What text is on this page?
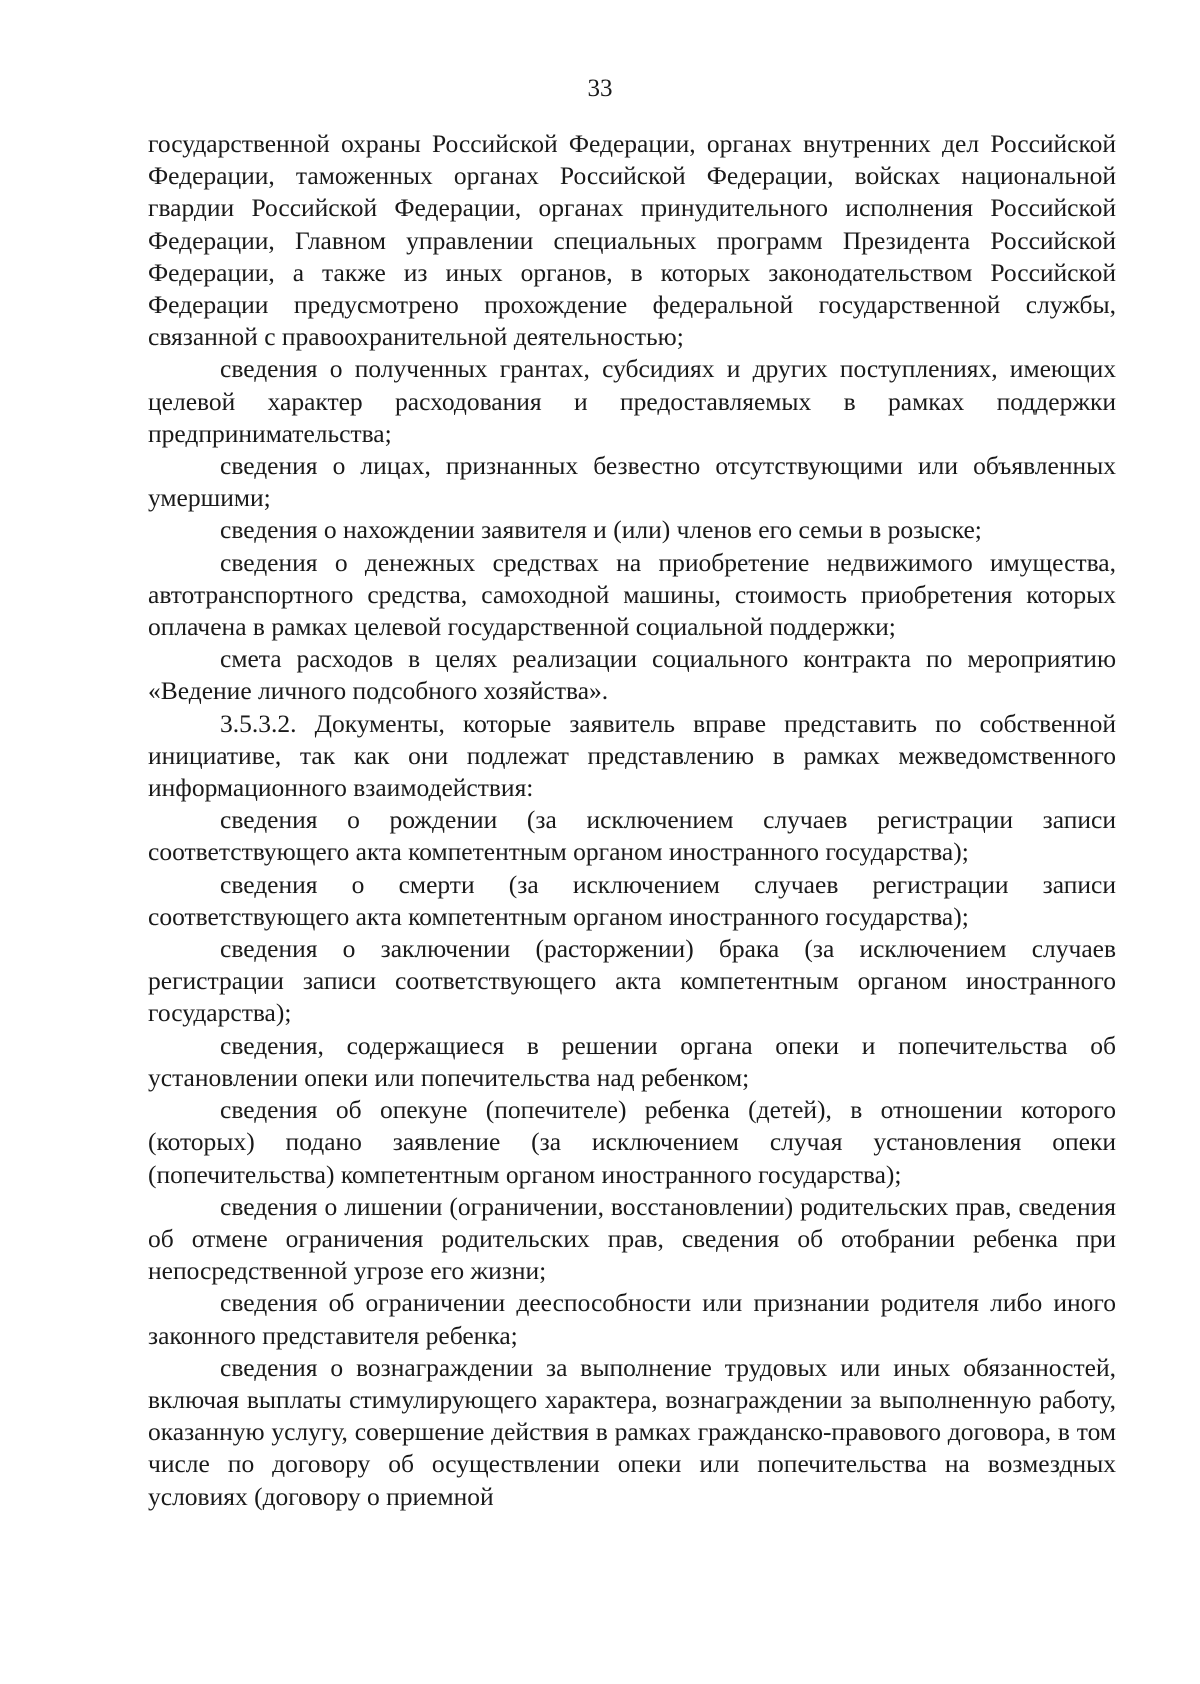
33

государственной охраны Российской Федерации, органах внутренних дел Российской Федерации, таможенных органах Российской Федерации, войсках национальной гвардии Российской Федерации, органах принудительного исполнения Российской Федерации, Главном управлении специальных программ Президента Российской Федерации, а также из иных органов, в которых законодательством Российской Федерации предусмотрено прохождение федеральной государственной службы, связанной с правоохранительной деятельностью;

сведения о полученных грантах, субсидиях и других поступлениях, имеющих целевой характер расходования и предоставляемых в рамках поддержки предпринимательства;

сведения о лицах, признанных безвестно отсутствующими или объявленных умершими;

сведения о нахождении заявителя и (или) членов его семьи в розыске;

сведения о денежных средствах на приобретение недвижимого имущества, автотранспортного средства, самоходной машины, стоимость приобретения которых оплачена в рамках целевой государственной социальной поддержки;

смета расходов в целях реализации социального контракта по мероприятию «Ведение личного подсобного хозяйства».

3.5.3.2. Документы, которые заявитель вправе представить по собственной инициативе, так как они подлежат представлению в рамках межведомственного информационного взаимодействия:

сведения о рождении (за исключением случаев регистрации записи соответствующего акта компетентным органом иностранного государства);

сведения о смерти (за исключением случаев регистрации записи соответствующего акта компетентным органом иностранного государства);

сведения о заключении (расторжении) брака (за исключением случаев регистрации записи соответствующего акта компетентным органом иностранного государства);

сведения, содержащиеся в решении органа опеки и попечительства об установлении опеки или попечительства над ребенком;

сведения об опекуне (попечителе) ребенка (детей), в отношении которого (которых) подано заявление (за исключением случая установления опеки (попечительства) компетентным органом иностранного государства);

сведения о лишении (ограничении, восстановлении) родительских прав, сведения об отмене ограничения родительских прав, сведения об отобрании ребенка при непосредственной угрозе его жизни;

сведения об ограничении дееспособности или признании родителя либо иного законного представителя ребенка;

сведения о вознаграждении за выполнение трудовых или иных обязанностей, включая выплаты стимулирующего характера, вознаграждении за выполненную работу, оказанную услугу, совершение действия в рамках гражданско-правового договора, в том числе по договору об осуществлении опеки или попечительства на возмездных условиях (договору о приемной
